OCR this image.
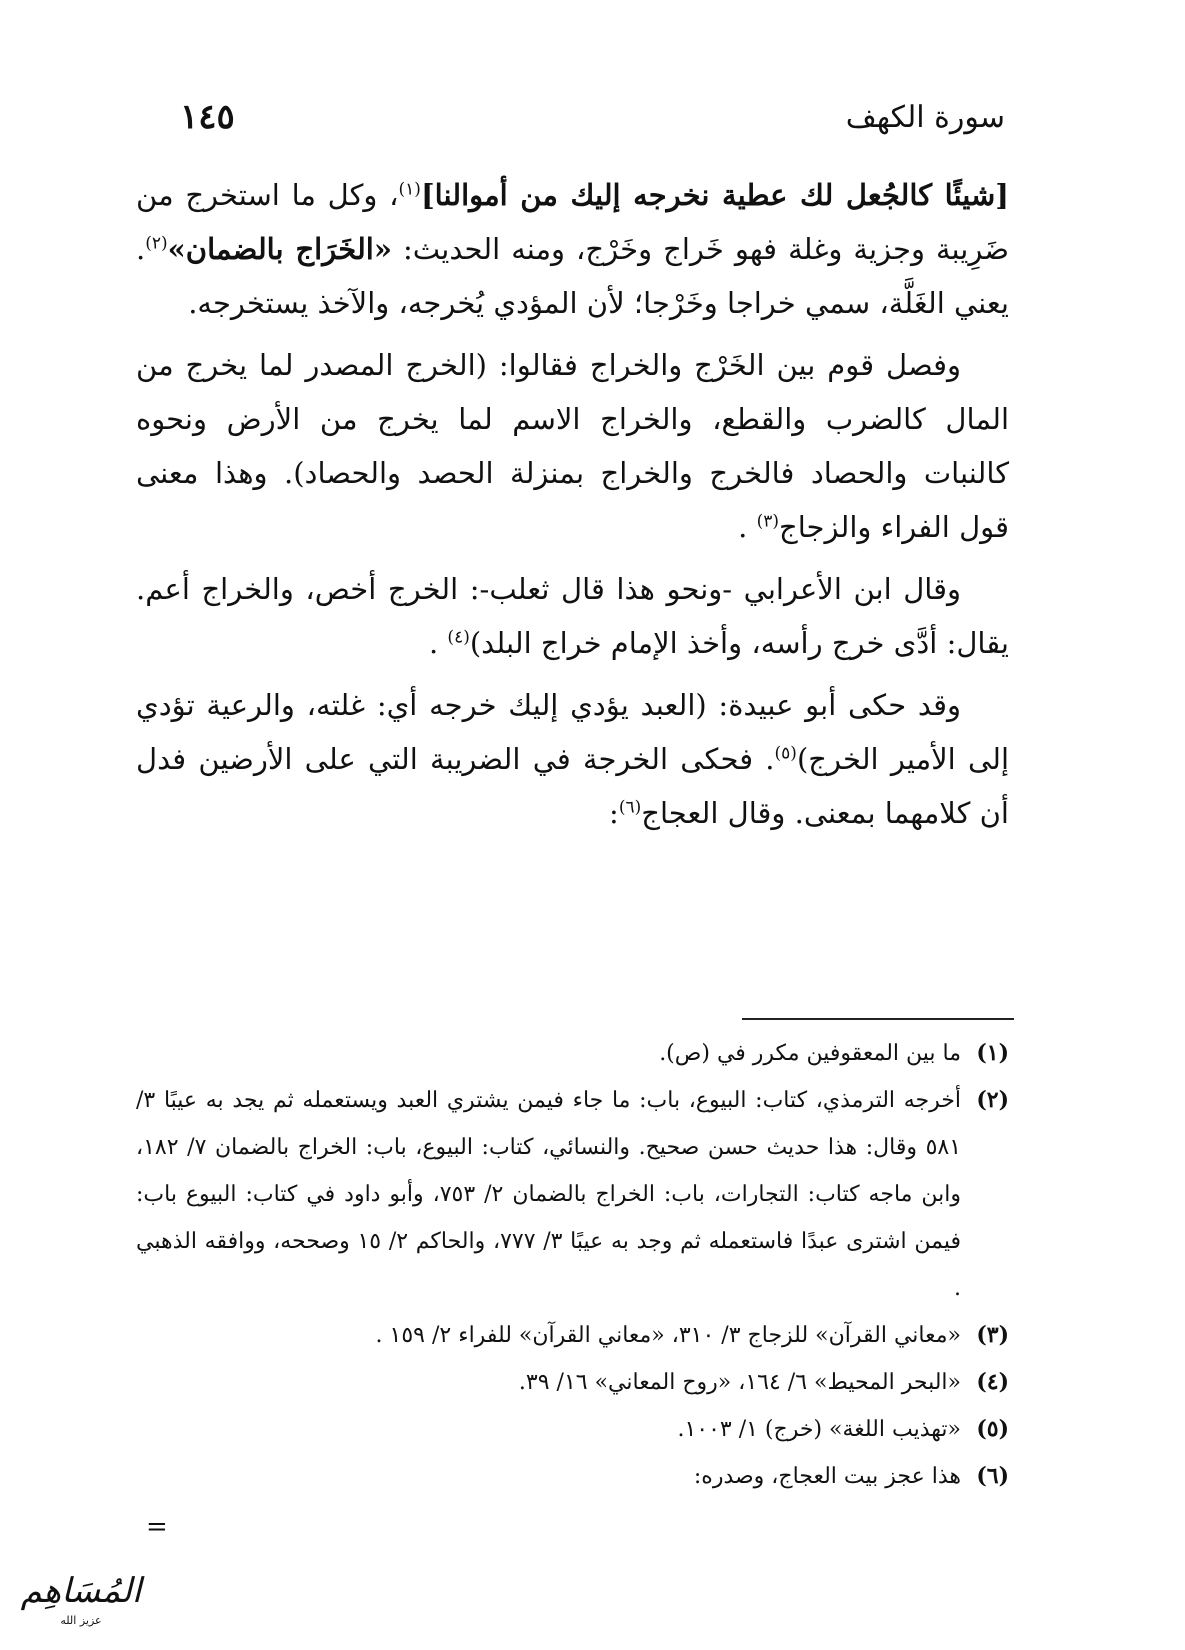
سورة الكهف
١٤٥

[شيئًا كالجُعل لك عطية نخرجه إليك من أموالنا]$^{(١)}$، وكل ما استخرج من ضَرِيبة وجزية وغلة فهو خَراج وخَرْج، ومنه الحديث: «الخَرَاج بالضمان»$^{(٢)}$. يعني الغَلَّة، سمي خراجا وخَرْجا؛ لأن المؤدي يُخرجه، والآخذ يستخرجه.

وفصل قوم بين الخَرْج والخراج فقالوا: (الخرج المصدر لما يخرج من المال كالضرب والقطع، والخراج الاسم لما يخرج من الأرض ونحوه كالنبات والحصاد فالخرج والخراج بمنزلة الحصد والحصاد). وهذا معنى قول الفراء والزجاج$^{(٣)}$ .

وقال ابن الأعرابي -ونحو هذا قال ثعلب-: الخرج أخص، والخراج أعم. يقال: أدَّى خرج رأسه، وأخذ الإمام خراج البلد)$^{(٤)}$ .

وقد حكى أبو عبيدة: (العبد يؤدي إليك خرجه أي: غلته، والرعية تؤدي إلى الأمير الخرج)$^{(٥)}$. فحكى الخرجة في الضريبة التي على الأرضين فدل أن كلامهما بمعنى. وقال العجاج$^{(٦)}$:

(١)
ما بين المعقوفين مكرر في (ص).
(٢)
أخرجه الترمذي، كتاب: البيوع، باب: ما جاء فيمن يشتري العبد ويستعمله ثم يجد به عيبًا ٣/ ٥٨١ وقال: هذا حديث حسن صحيح. والنسائي، كتاب: البيوع، باب: الخراج بالضمان ٧/ ١٨٢، وابن ماجه كتاب: التجارات، باب: الخراج بالضمان ٢/ ٧٥٣، وأبو داود في كتاب: البيوع باب: فيمن اشترى عبدًا فاستعمله ثم وجد به عيبًا ٣/ ٧٧٧، والحاكم ٢/ ١٥ وصححه، ووافقه الذهبي .
(٣)
«معاني القرآن» للزجاج ٣/ ٣١٠، «معاني القرآن» للفراء ٢/ ١٥٩ .
(٤)
«البحر المحيط» ٦/ ١٦٤، «روح المعاني» ١٦/ ٣٩.
(٥)
«تهذيب اللغة» (خرج) ١/ ١٠٠٣.
(٦)
هذا عجز بيت العجاج، وصدره:
=
المُسَاهِم
عزيز الله
